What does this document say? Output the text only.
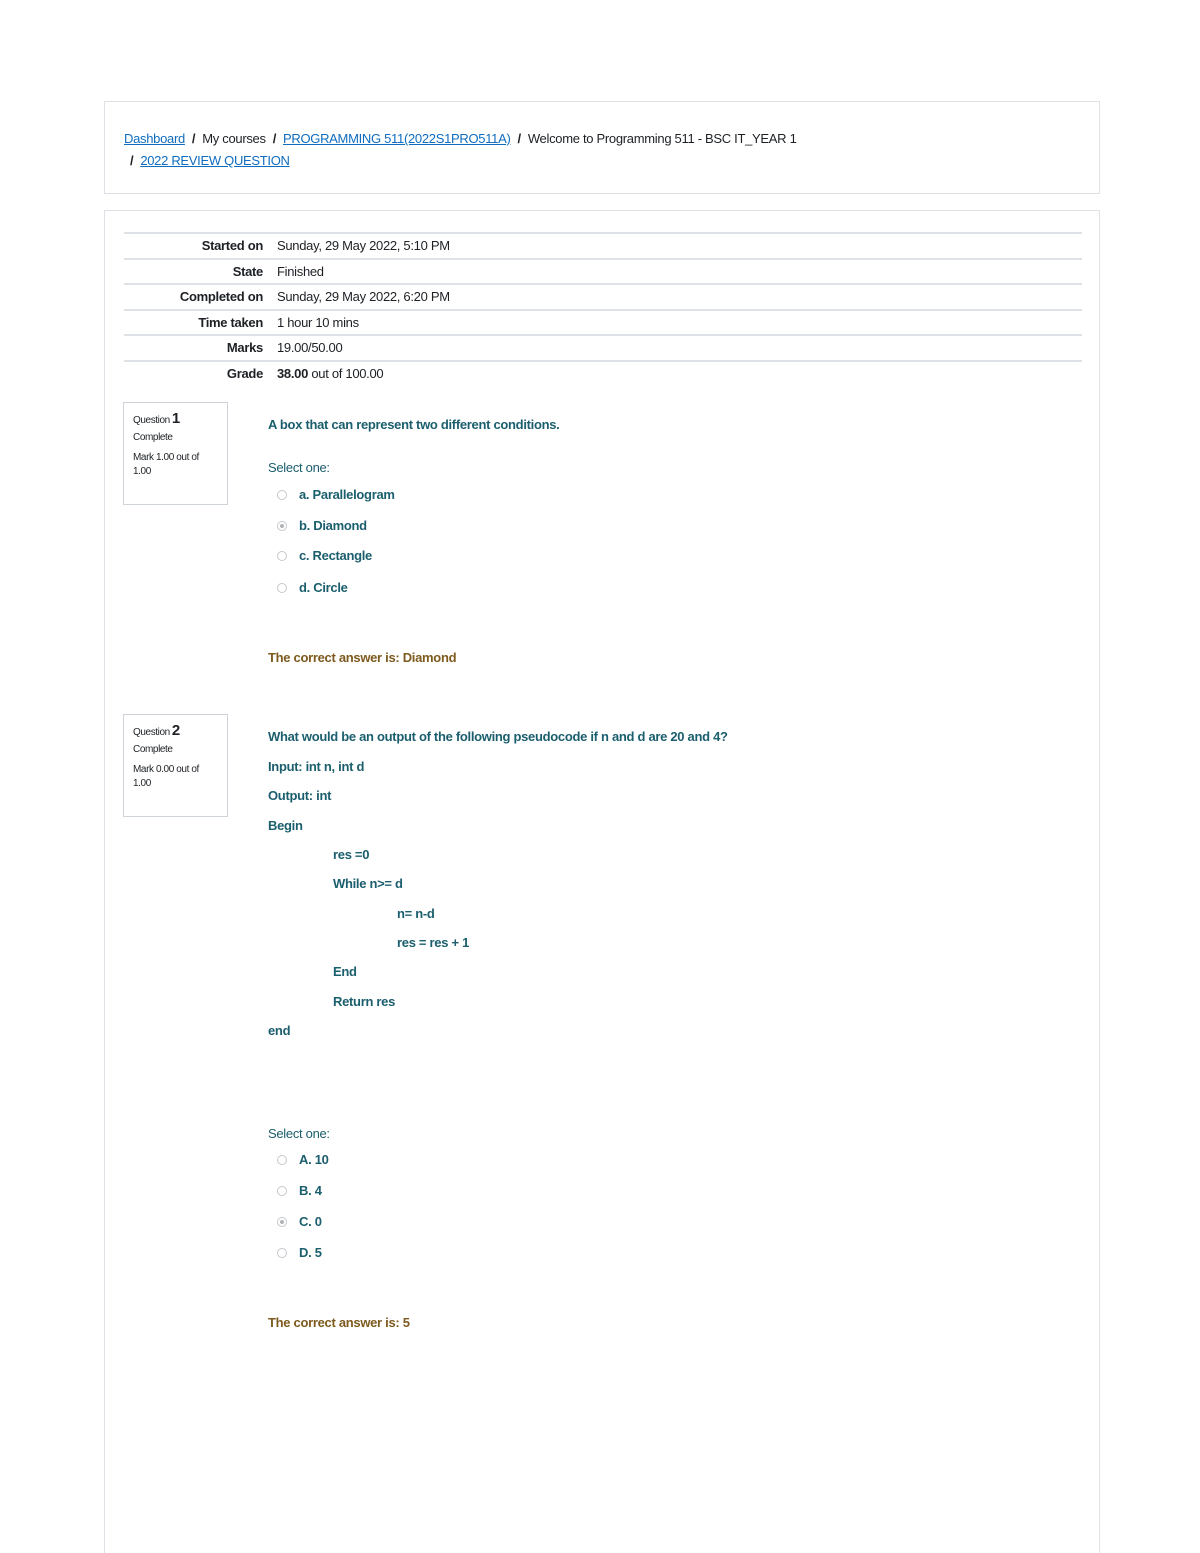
Dashboard / My courses / PROGRAMMING 511(2022S1PRO511A) / Welcome to Programming 511 - BSC IT_YEAR 1
/ 2022 REVIEW QUESTION
Started on	Sunday, 29 May 2022, 5:10 PM
State	Finished
Completed on	Sunday, 29 May 2022, 6:20 PM
Time taken	1 hour 10 mins
Marks	19.00/50.00
Grade	38.00 out of 100.00
Question 1
Complete
Mark 1.00 out of 1.00
A box that can represent two different conditions.
Select one:
a. Parallelogram
b. Diamond
c. Rectangle
d. Circle
The correct answer is: Diamond
Question 2
Complete
Mark 0.00 out of 1.00
What would be an output of the following pseudocode if n and d are 20 and 4?
Input: int n, int d
Output: int
Begin
res =0
While n>= d
n= n-d
res = res + 1
End
Return res
end
Select one:
A. 10
B. 4
C. 0
D. 5
The correct answer is: 5
